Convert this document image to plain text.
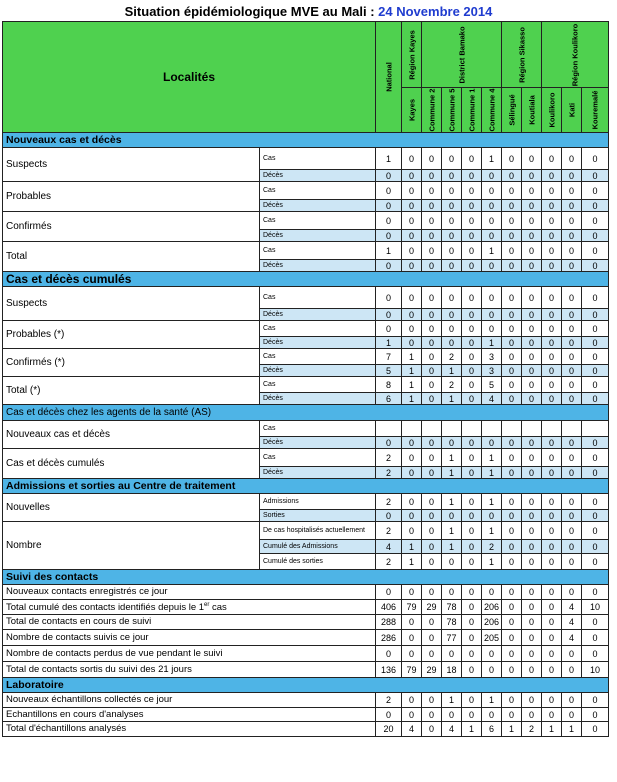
Situation épidémiologique MVE au Mali : 24 Novembre 2014
Localités		National	Région Kayes	District Bamako				Région Sikasso		Région Koulikoro		

			Kayes	Commune 2	Commune 5	Commune 1	Commune 4	Sélingué	Koutiala	Koulikoro	Kati	Kouremalé

Nouveaux cas et décès												
Suspects	Cas	1	0	0	0	0	1	0	0	0	0	0
	Décès	0	0	0	0	0	0	0	0	0	0	0
Probables	Cas	0	0	0	0	0	0	0	0	0	0	0
	Décès	0	0	0	0	0	0	0	0	0	0	0
Confirmés	Cas	0	0	0	0	0	0	0	0	0	0	0
	Décès	0	0	0	0	0	0	0	0	0	0	0
Total	Cas	1	0	0	0	0	1	0	0	0	0	0
	Décès	0	0	0	0	0	0	0	0	0	0	0
Cas et décès cumulés												
Suspects	Cas	0	0	0	0	0	0	0	0	0	0	0
	Décès	0	0	0	0	0	0	0	0	0	0	0
Probables (*)	Cas	0	0	0	0	0	0	0	0	0	0	0
	Décès	1	0	0	0	0	1	0	0	0	0	0
Confirmés (*)	Cas	7	1	0	2	0	3	0	0	0	0	0
	Décès	5	1	0	1	0	3	0	0	0	0	0
Total (*)	Cas	8	1	0	2	0	5	0	0	0	0	0
	Décès	6	1	0	1	0	4	0	0	0	0	0
Cas et décès chez les agents de la santé (AS)												
Nouveaux cas et décès	Cas											
	Décès	0	0	0	0	0	0	0	0	0	0	0
Cas et décès cumulés	Cas	2	0	0	1	0	1	0	0	0	0	0
	Décès	2	0	0	1	0	1	0	0	0	0	0
Admissions et sorties au Centre de traitement												
Nouvelles	Admissions	2	0	0	1	0	1	0	0	0	0	0
	Sorties	0	0	0	0	0	0	0	0	0	0	0
Nombre	De cas hospitalisés actuellement	2	0	0	1	0	1	0	0	0	0	0
	Cumulé des Admissions	4	1	0	1	0	2	0	0	0	0	0
	Cumulé des sorties	2	1	0	0	0	1	0	0	0	0	0
Suivi des contacts												
Nouveaux contacts enregistrés ce jour		0	0	0	0	0	0	0	0	0	0	0
Total cumulé des contacts identifiés depuis le 1er cas		406	79	29	78	0	206	0	0	0	4	10
Total de contacts en cours de suivi		288	0	0	78	0	206	0	0	0	4	0
Nombre de contacts suivis ce jour		286	0	0	77	0	205	0	0	0	4	0
Nombre de contacts perdus de vue pendant le suivi		0	0	0	0	0	0	0	0	0	0	0
Total de contacts sortis du suivi des 21 jours		136	79	29	18	0	0	0	0	0	0	10
Laboratoire												
Nouveaux échantillons collectés ce jour		2	0	0	1	0	1	0	0	0	0	0
Echantillons en cours d'analyses		0	0	0	0	0	0	0	0	0	0	0
Total d'échantillons analysés		20	4	0	4	1	6	1	2	1	1	0
